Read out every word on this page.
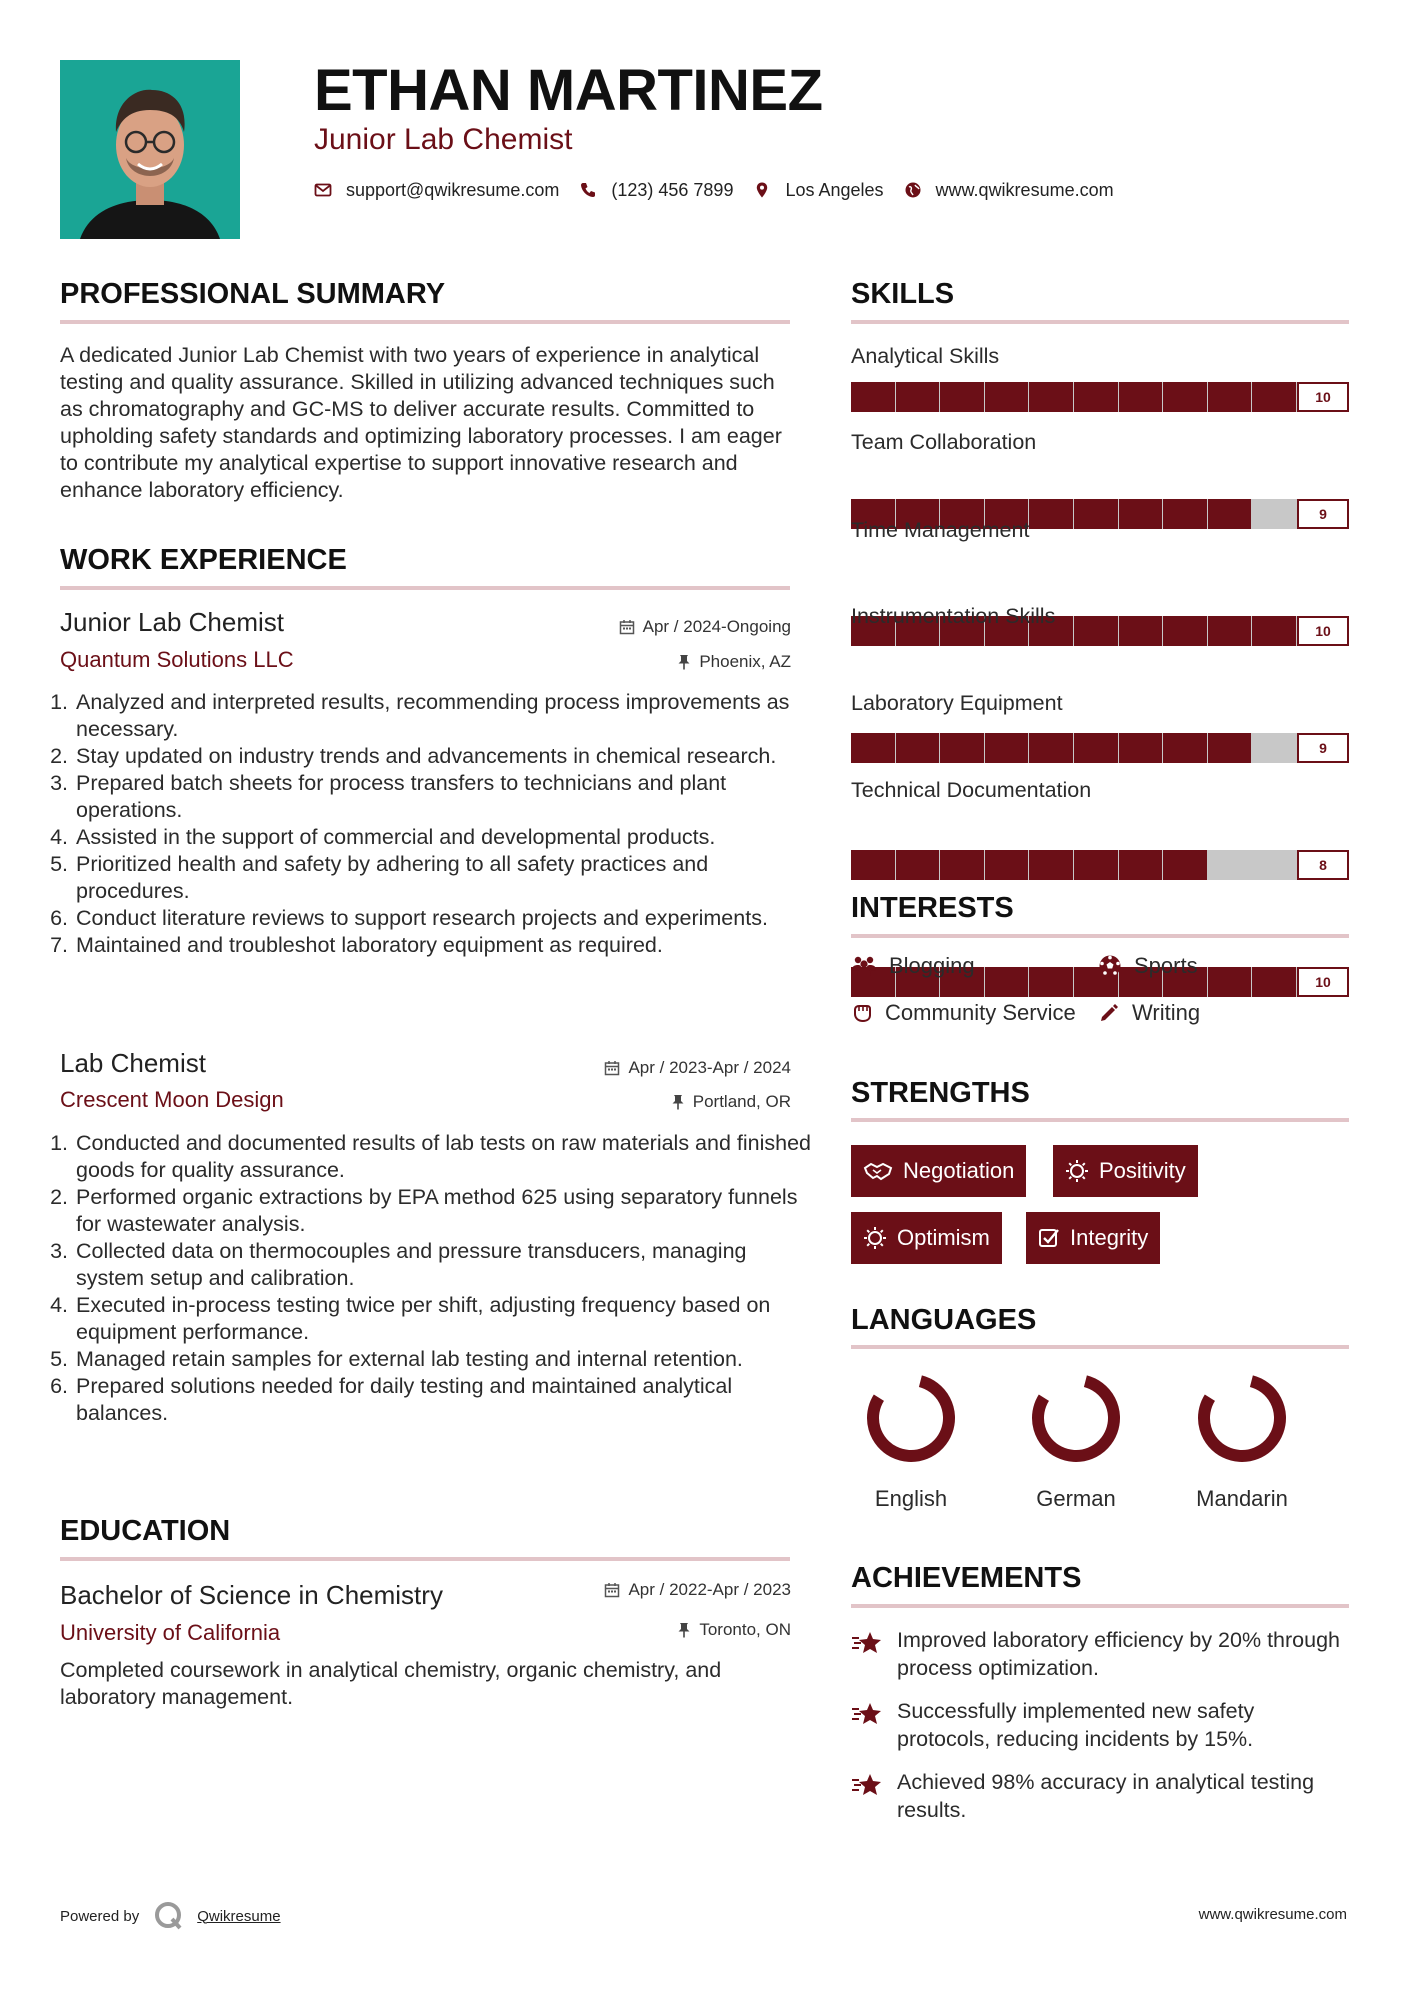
ETHAN MARTINEZ
Junior Lab Chemist
support@qwikresume.com	(123) 456 7899	Los Angeles	www.qwikresume.com
PROFESSIONAL SUMMARY
A dedicated Junior Lab Chemist with two years of experience in analytical testing and quality assurance. Skilled in utilizing advanced techniques such as chromatography and GC-MS to deliver accurate results. Committed to upholding safety standards and optimizing laboratory processes. I am eager to contribute my analytical expertise to support innovative research and enhance laboratory efficiency.
WORK EXPERIENCE
Junior Lab Chemist
Quantum Solutions LLC
Apr / 2024-Ongoing
Phoenix, AZ
1. Analyzed and interpreted results, recommending process improvements as necessary.
2. Stay updated on industry trends and advancements in chemical research.
3. Prepared batch sheets for process transfers to technicians and plant operations.
4. Assisted in the support of commercial and developmental products.
5. Prioritized health and safety by adhering to all safety practices and procedures.
6. Conduct literature reviews to support research projects and experiments.
7. Maintained and troubleshot laboratory equipment as required.
Lab Chemist
Crescent Moon Design
Apr / 2023-Apr / 2024
Portland, OR
1. Conducted and documented results of lab tests on raw materials and finished goods for quality assurance.
2. Performed organic extractions by EPA method 625 using separatory funnels for wastewater analysis.
3. Collected data on thermocouples and pressure transducers, managing system setup and calibration.
4. Executed in-process testing twice per shift, adjusting frequency based on equipment performance.
5. Managed retain samples for external lab testing and internal retention.
6. Prepared solutions needed for daily testing and maintained analytical balances.
EDUCATION
Bachelor of Science in Chemistry
University of California
Apr / 2022-Apr / 2023
Toronto, ON
Completed coursework in analytical chemistry, organic chemistry, and laboratory management.
SKILLS
Analytical Skills
10
Team Collaboration
9
Time Management
10
Instrumentation Skills
9
Laboratory Equipment
8
Technical Documentation
10
INTERESTS
Blogging	Sports
Community Service	Writing
STRENGTHS
Negotiation	Positivity
Optimism	Integrity
LANGUAGES
English	German	Mandarin
ACHIEVEMENTS
Improved laboratory efficiency by 20% through process optimization.
Successfully implemented new safety protocols, reducing incidents by 15%.
Achieved 98% accuracy in analytical testing results.
Powered by	Qwikresume	www.qwikresume.com
